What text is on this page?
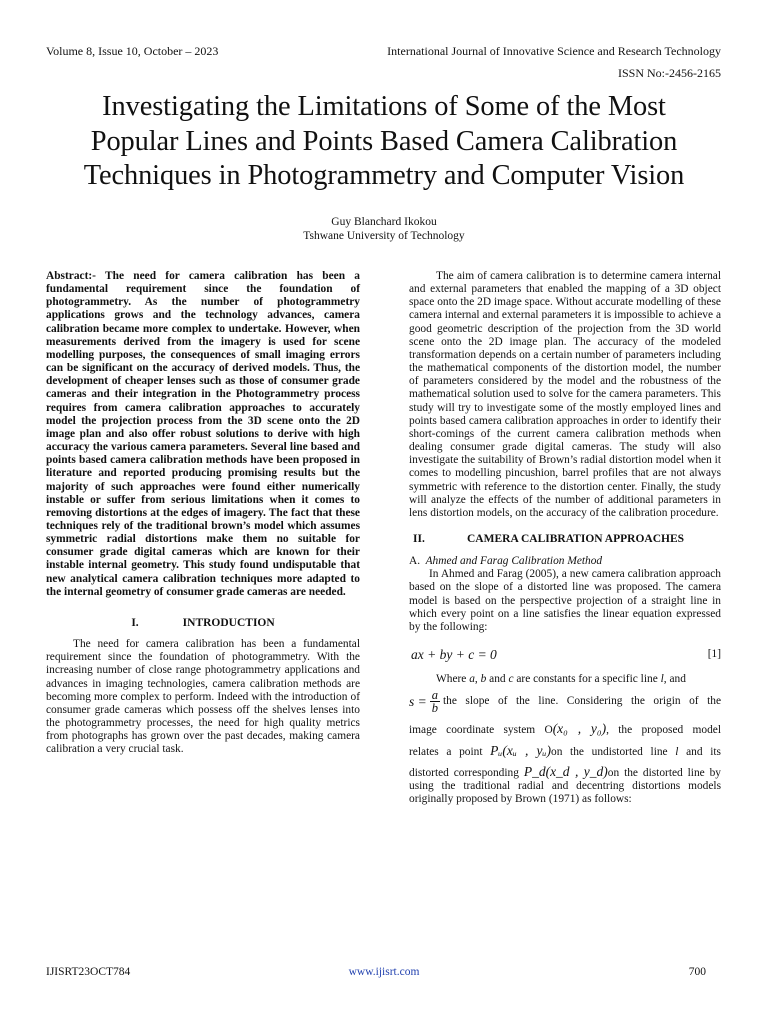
Volume 8, Issue 10, October – 2023	International Journal of Innovative Science and Research Technology
ISSN No:-2456-2165
Investigating the Limitations of Some of the Most
Popular Lines and Points Based Camera Calibration
Techniques in Photogrammetry and Computer Vision
Guy Blanchard Ikokou
Tshwane University of Technology

Abstract:- The need for camera calibration has been a fundamental requirement since the foundation of photogrammetry. As the number of photogrammetry applications grows and the technology advances, camera calibration became more complex to undertake. However, when measurements derived from the imagery is used for scene modelling purposes, the consequences of small imaging errors can be significant on the accuracy of derived models. Thus, the development of cheaper lenses such as those of consumer grade cameras and their integration in the Photogrammetry process requires from camera calibration approaches to accurately model the projection process from the 3D scene onto the 2D image plan and also offer robust solutions to derive with high accuracy the various camera parameters. Several line based and points based camera calibration methods have been proposed in literature and reported producing promising results but the majority of such approaches were found either numerically instable or suffer from serious limitations when it comes to removing distortions at the edges of imagery. The fact that these techniques rely of the traditional brown’s model which assumes symmetric radial distortions make them no suitable for consumer grade digital cameras which are known for their instable internal geometry. This study found undisputable that new analytical camera calibration techniques more adapted to the internal geometry of consumer grade cameras are needed.

I.	INTRODUCTION

The need for camera calibration has been a fundamental requirement since the foundation of photogrammetry. With the increasing number of close range photogrammetry applications and advances in imaging technologies, camera calibration methods are becoming more complex to perform. Indeed with the introduction of consumer grade cameras which possess off the shelves lenses into the photogrammetry processes, the need for high quality metrics from photographs has grown over the past decades, making camera calibration a very crucial task.

The aim of camera calibration is to determine camera internal and external parameters that enabled the mapping of a 3D object space onto the 2D image space. Without accurate modelling of these camera internal and external parameters it is impossible to achieve a good geometric description of the projection from the 3D world scene onto the 2D image plan. The accuracy of the modeled transformation depends on a certain number of parameters including the mathematical components of the distortion model, the number of parameters considered by the model and the robustness of the mathematical solution used to solve for the camera parameters. This study will try to investigate some of the mostly employed lines and points based camera calibration approaches in order to identify their short-comings of the current camera calibration methods when dealing consumer grade digital cameras. The study will also investigate the suitability of Brown’s radial distortion model when it comes to modelling pincushion, barrel profiles that are not always symmetric with reference to the distortion center. Finally, the study will analyze the effects of the number of additional parameters in lens distortion models, on the accuracy of the calibration procedure.

II.	CAMERA CALIBRATION APPROACHES

A. Ahmed and Farag Calibration Method

In Ahmed and Farag (2005), a new camera calibration approach based on the slope of a distorted line was proposed. The camera model is based on the perspective projection of a straight line in which every point on a line satisfies the linear equation expressed by the following:

ax + by + c = 0	[1]

Where a, b and c are constants for a specific line l, and

$s = \frac{a}{b}$ the slope of the line. Considering the origin of the

image coordinate system O(x₀ , y₀), the proposed model

relates a point Pᵤ(xᵤ , yᵤ)on the undistorted line l and its

distorted corresponding P_d(x_d , y_d)on the distorted line by

using the traditional radial and decentring distortions models originally proposed by Brown (1971) as follows:

IJISRT23OCT784	www.ijisrt.com	700
